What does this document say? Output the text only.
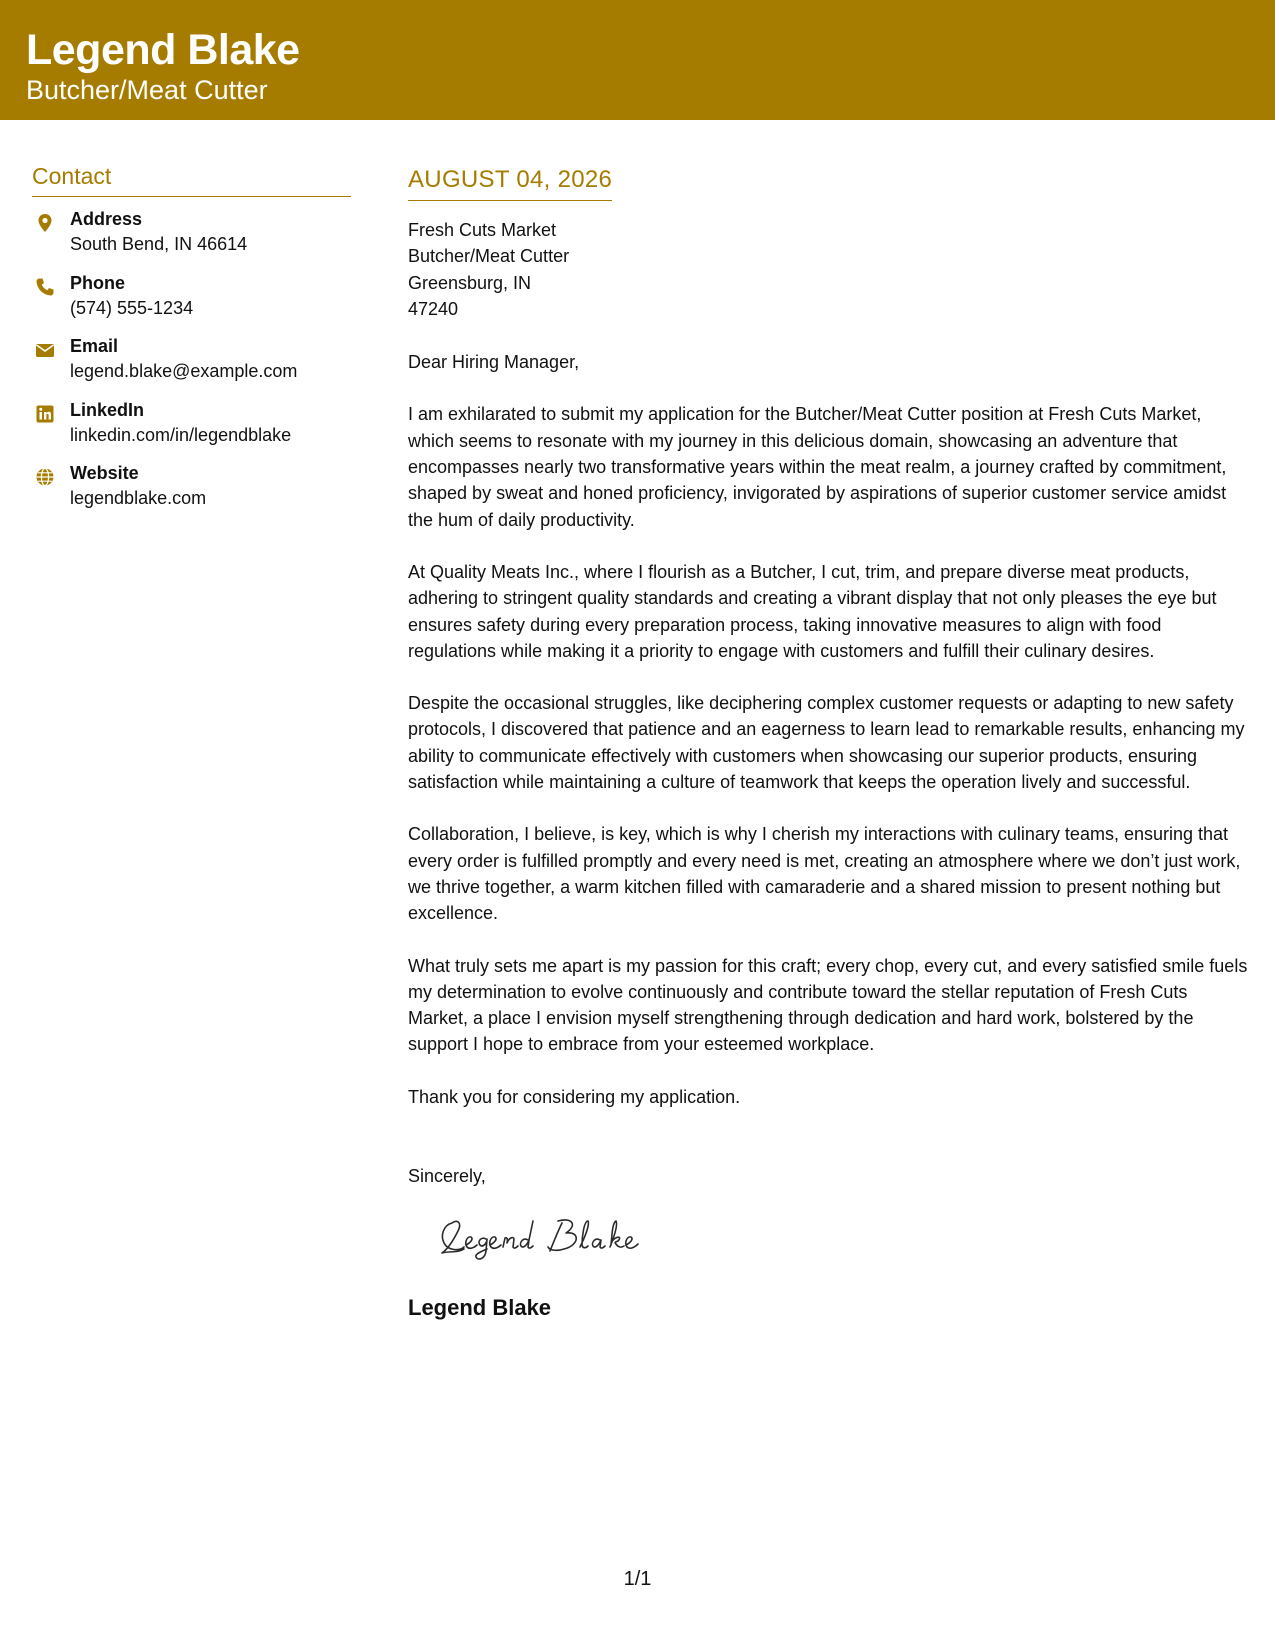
Legend Blake
Butcher/Meat Cutter
Contact
Address
South Bend, IN 46614
Phone
(574) 555-1234
Email
legend.blake@example.com
LinkedIn
linkedin.com/in/legendblake
Website
legendblake.com
AUGUST 04, 2026
Fresh Cuts Market
Butcher/Meat Cutter
Greensburg, IN
47240
Dear Hiring Manager,
I am exhilarated to submit my application for the Butcher/Meat Cutter position at Fresh Cuts Market, which seems to resonate with my journey in this delicious domain, showcasing an adventure that encompasses nearly two transformative years within the meat realm, a journey crafted by commitment, shaped by sweat and honed proficiency, invigorated by aspirations of superior customer service amidst the hum of daily productivity.
At Quality Meats Inc., where I flourish as a Butcher, I cut, trim, and prepare diverse meat products, adhering to stringent quality standards and creating a vibrant display that not only pleases the eye but ensures safety during every preparation process, taking innovative measures to align with food regulations while making it a priority to engage with customers and fulfill their culinary desires.
Despite the occasional struggles, like deciphering complex customer requests or adapting to new safety protocols, I discovered that patience and an eagerness to learn lead to remarkable results, enhancing my ability to communicate effectively with customers when showcasing our superior products, ensuring satisfaction while maintaining a culture of teamwork that keeps the operation lively and successful.
Collaboration, I believe, is key, which is why I cherish my interactions with culinary teams, ensuring that every order is fulfilled promptly and every need is met, creating an atmosphere where we don’t just work, we thrive together, a warm kitchen filled with camaraderie and a shared mission to present nothing but excellence.
What truly sets me apart is my passion for this craft; every chop, every cut, and every satisfied smile fuels my determination to evolve continuously and contribute toward the stellar reputation of Fresh Cuts Market, a place I envision myself strengthening through dedication and hard work, bolstered by the support I hope to embrace from your esteemed workplace.
Thank you for considering my application.
Sincerely,
Legend Blake
1/1
